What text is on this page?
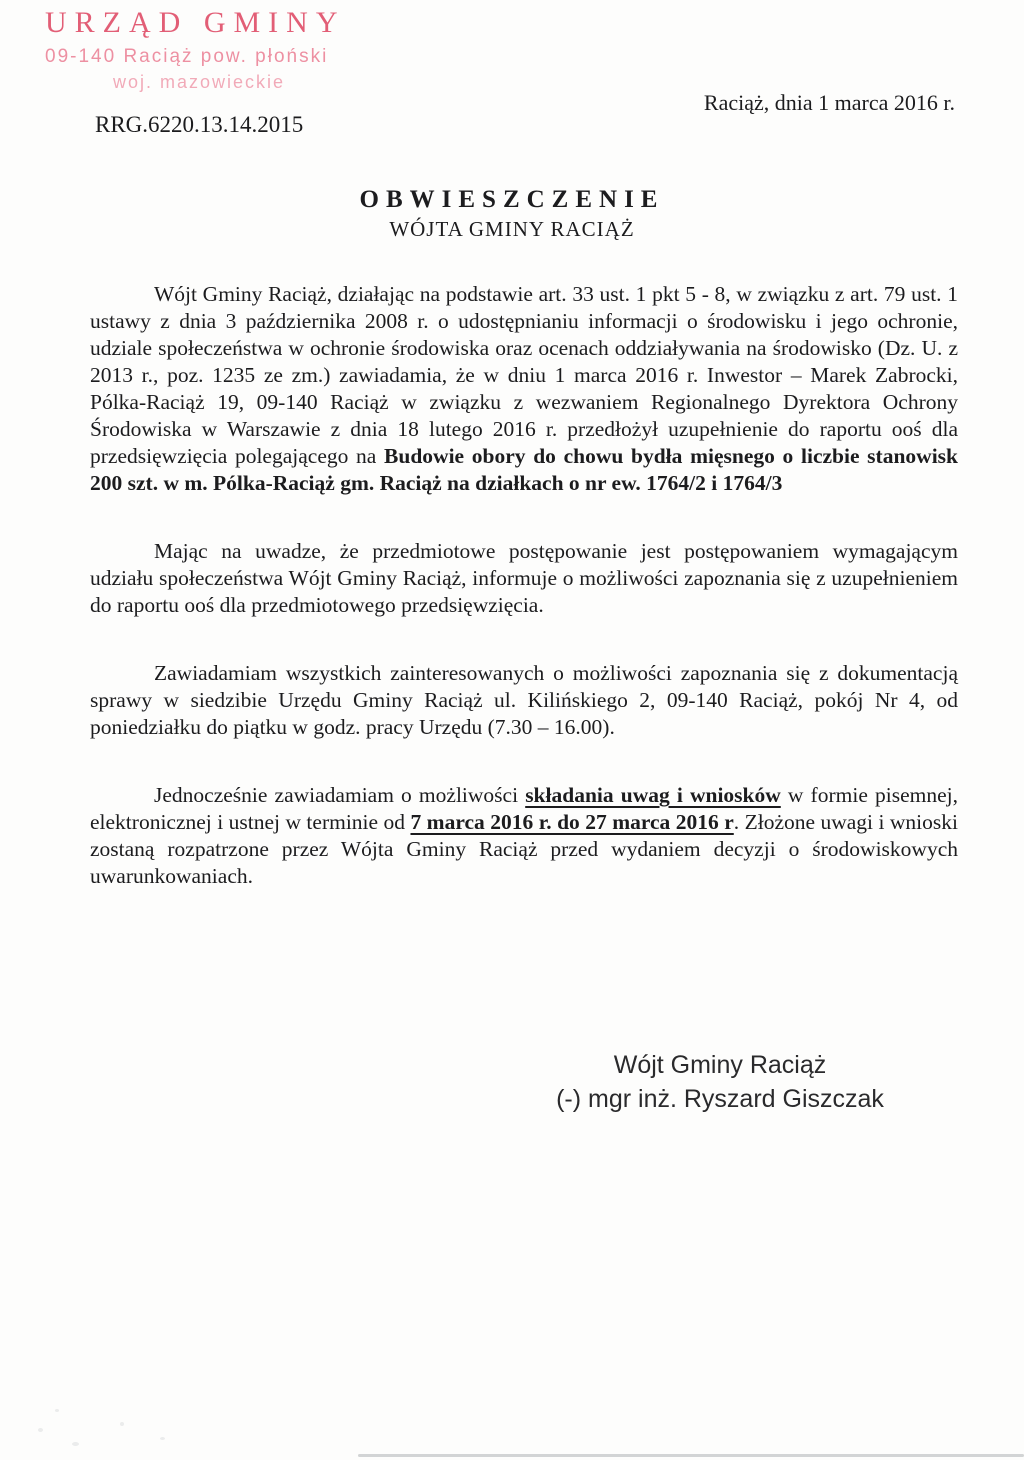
URZĄD GMINY
09-140 Raciąż pow. płoński
woj. mazowieckie
RRG.6220.13.14.2015
Raciąż, dnia 1 marca 2016 r.
OBWIESZCZENIE
WÓJTA GMINY RACIĄŻ

Wójt Gminy Raciąż, działając na podstawie art. 33 ust. 1 pkt 5 - 8, w związku z art. 79 ust. 1 ustawy z dnia 3 października 2008 r. o udostępnianiu informacji o środowisku i jego ochronie, udziale społeczeństwa w ochronie środowiska oraz ocenach oddziaływania na środowisko (Dz. U. z 2013 r., poz. 1235 ze zm.) zawiadamia, że w dniu 1 marca 2016 r. Inwestor – Marek Zabrocki, Pólka-Raciąż 19, 09-140 Raciąż w związku z wezwaniem Regionalnego Dyrektora Ochrony Środowiska w Warszawie z dnia 18 lutego 2016 r. przedłożył uzupełnienie do raportu ooś dla przedsięwzięcia polegającego na Budowie obory do chowu bydła mięsnego o liczbie stanowisk 200 szt. w m. Pólka-Raciąż gm. Raciąż na działkach o nr ew. 1764/2 i 1764/3

Mając na uwadze, że przedmiotowe postępowanie jest postępowaniem wymagającym udziału społeczeństwa Wójt Gminy Raciąż, informuje o możliwości zapoznania się z uzupełnieniem do raportu ooś dla przedmiotowego przedsięwzięcia.

Zawiadamiam wszystkich zainteresowanych o możliwości zapoznania się z dokumentacją sprawy w siedzibie Urzędu Gminy Raciąż ul. Kilińskiego 2, 09-140 Raciąż, pokój Nr 4, od poniedziałku do piątku w godz. pracy Urzędu (7.30 – 16.00).

Jednocześnie zawiadamiam o możliwości składania uwag i wniosków w formie pisemnej, elektronicznej i ustnej w terminie od 7 marca 2016 r. do 27 marca 2016 r. Złożone uwagi i wnioski zostaną rozpatrzone przez Wójta Gminy Raciąż przed wydaniem decyzji o środowiskowych uwarunkowaniach.

Wójt Gminy Raciąż
(-) mgr inż. Ryszard Giszczak
